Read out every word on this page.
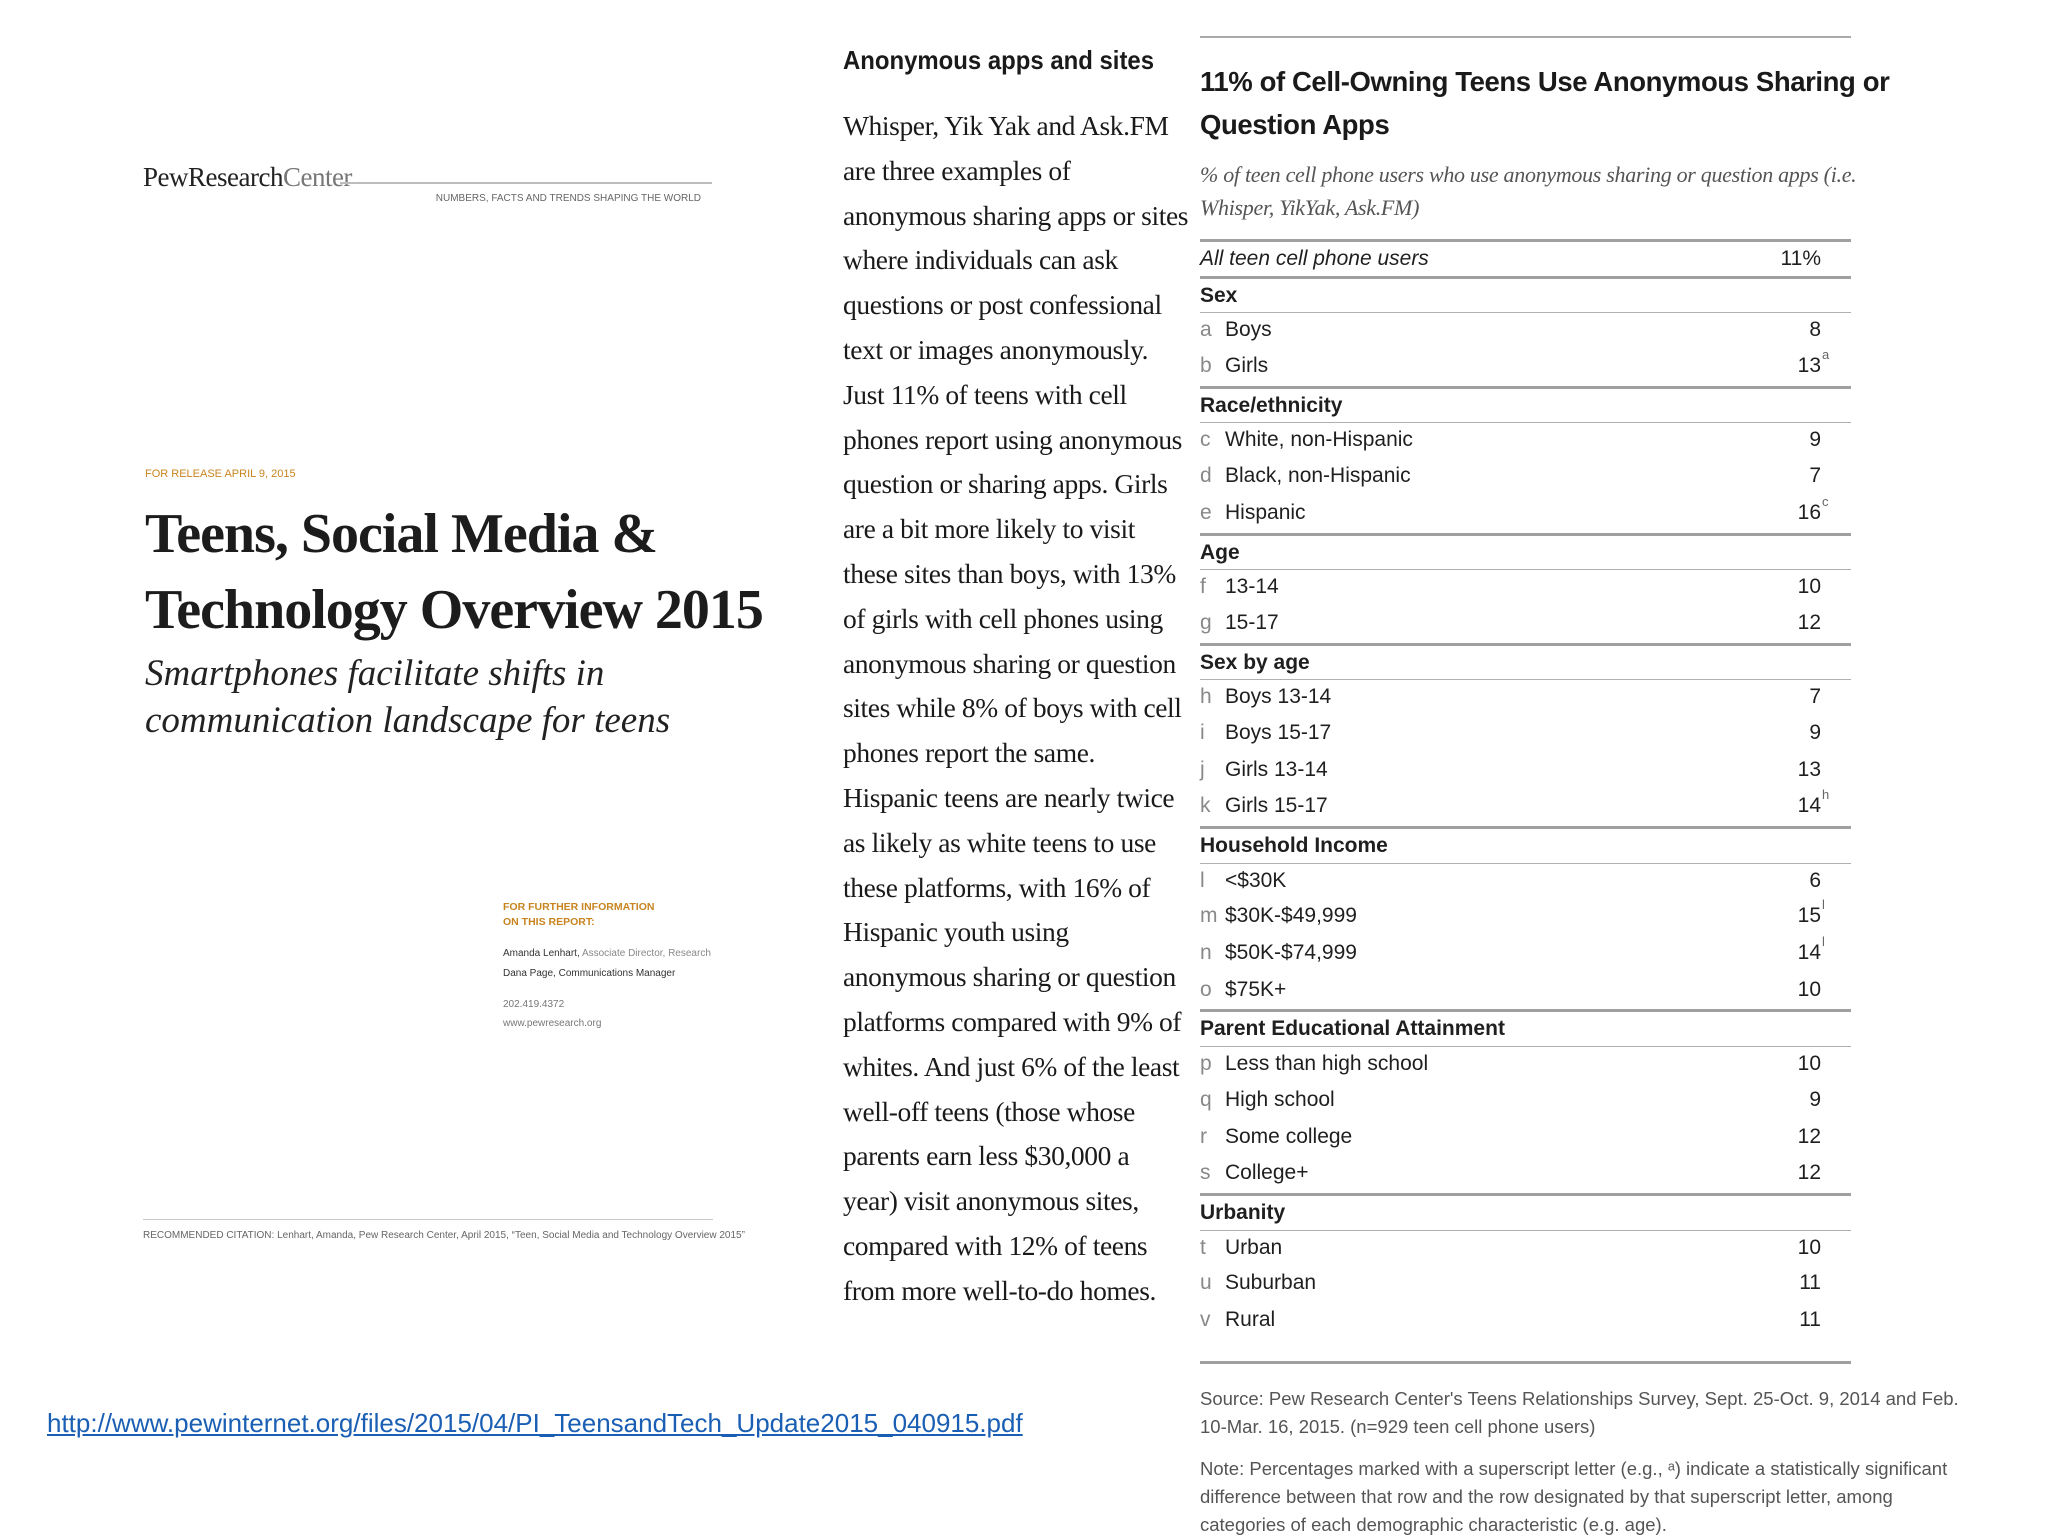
PewResearchCenter
NUMBERS, FACTS AND TRENDS SHAPING THE WORLD
FOR RELEASE APRIL 9, 2015
Teens, Social Media &
Technology Overview 2015
Smartphones facilitate shifts in
communication landscape for teens
FOR FURTHER INFORMATION
ON THIS REPORT:
Amanda Lenhart, Associate Director, Research
Dana Page, Communications Manager
202.419.4372
www.pewresearch.org
RECOMMENDED CITATION: Lenhart, Amanda, Pew Research Center, April 2015, “Teen, Social Media and Technology Overview 2015”
http://www.pewinternet.org/files/2015/04/PI_TeensandTech_Update2015_040915.pdf
Anonymous apps and sites
Whisper, Yik Yak and Ask.FM
are three examples of
anonymous sharing apps or sites
where individuals can ask
questions or post confessional
text or images anonymously.
Just 11% of teens with cell
phones report using anonymous
question or sharing apps. Girls
are a bit more likely to visit
these sites than boys, with 13%
of girls with cell phones using
anonymous sharing or question
sites while 8% of boys with cell
phones report the same.
Hispanic teens are nearly twice
as likely as white teens to use
these platforms, with 16% of
Hispanic youth using
anonymous sharing or question
platforms compared with 9% of
whites. And just 6% of the least
well-off teens (those whose
parents earn less $30,000 a
year) visit anonymous sites,
compared with 12% of teens
from more well-to-do homes.
11% of Cell-Owning Teens Use Anonymous Sharing or
Question Apps
% of teen cell phone users who use anonymous sharing or question apps (i.e.
Whisper, YikYak, Ask.FM)
All teen cell phone users	11%
Sex
a Boys	8
b Girls	13 a
Race/ethnicity
c White, non-Hispanic	9
d Black, non-Hispanic	7
e Hispanic	16 c
Age
f 13-14	10
g 15-17	12
Sex by age
h Boys 13-14	7
i Boys 15-17	9
j Girls 13-14	13
k Girls 15-17	14 h
Household Income
l <$30K	6
m $30K-$49,999	15 l
n $50K-$74,999	14 l
o $75K+	10
Parent Educational Attainment
p Less than high school	10
q High school	9
r Some college	12
s College+	12
Urbanity
t Urban	10
u Suburban	11
v Rural	11
Source: Pew Research Center's Teens Relationships Survey, Sept. 25-Oct. 9, 2014 and Feb.
10-Mar. 16, 2015. (n=929 teen cell phone users)
Note: Percentages marked with a superscript letter (e.g., ᵃ) indicate a statistically significant
difference between that row and the row designated by that superscript letter, among
categories of each demographic characteristic (e.g. age).
